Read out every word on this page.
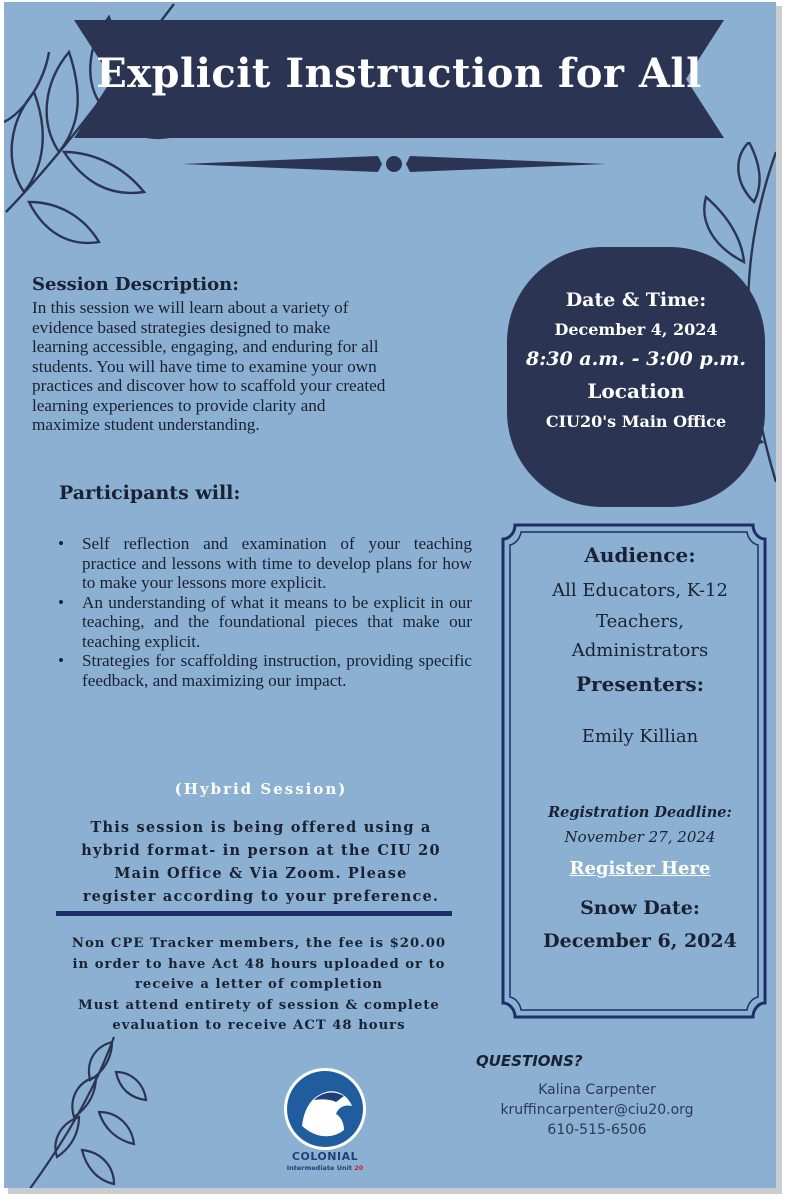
Explicit Instruction for All
Session Description:
In this session we will learn about a variety of
evidence based strategies designed to make
learning accessible, engaging, and enduring for all
students. You will have time to examine your own
practices and discover how to scaffold your created
learning experiences to provide clarity and
maximize student understanding.
Participants will:
•	Self reflection and examination of your teaching practice and lessons with time to develop plans for how to make your lessons more explicit.
•	An understanding of what it means to be explicit in our teaching, and the foundational pieces that make our teaching explicit.
•	Strategies for scaffolding instruction, providing specific feedback, and maximizing our impact.
(Hybrid Session)
This session is being offered using a
hybrid format- in person at the CIU 20
Main Office & Via Zoom. Please
register according to your preference.
Non CPE Tracker members, the fee is $20.00
in order to have Act 48 hours uploaded or to
receive a letter of completion
Must attend entirety of session & complete
evaluation to receive ACT 48 hours
Date & Time:
December 4, 2024
8:30 a.m. - 3:00 p.m.
Location
CIU20's Main Office
Audience:
All Educators, K-12
Teachers,
Administrators
Presenters:
Emily Killian
Registration Deadline:
November 27, 2024
Register Here
Snow Date:
December 6, 2024
QUESTIONS?
Kalina Carpenter
kruffincarpenter@ciu20.org
610-515-6506
COLONIAL
Intermediate Unit 20
